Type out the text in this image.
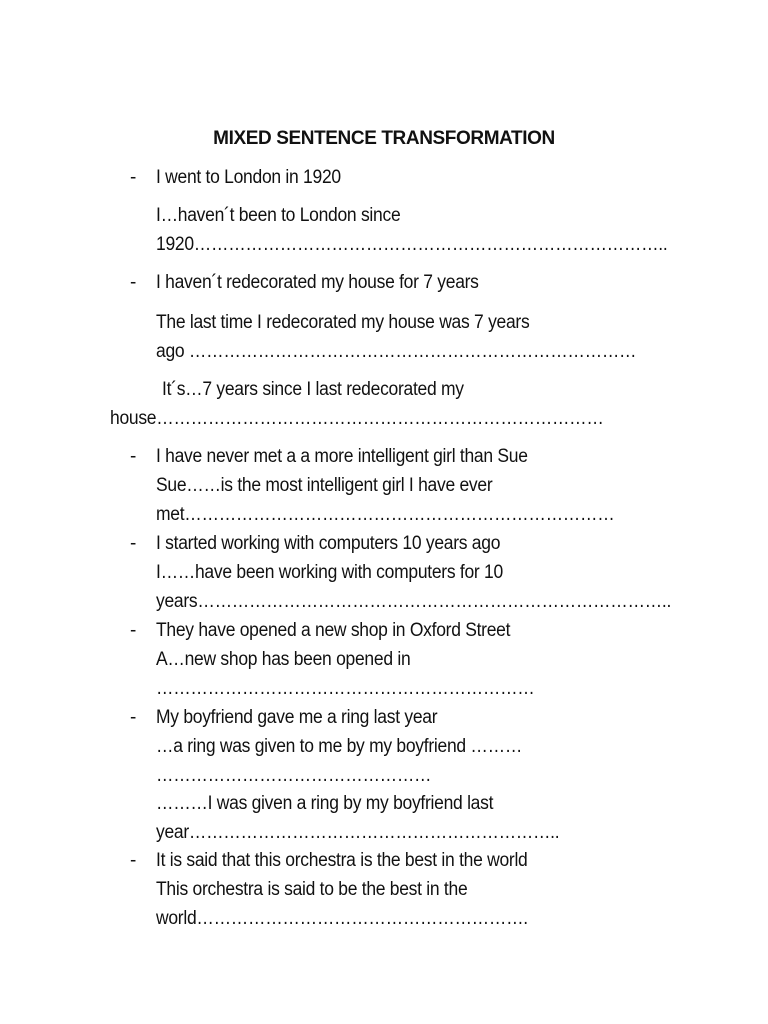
MIXED SENTENCE TRANSFORMATION
-
-
-
-
-
-
-
I went to London in 1920
I…haven´t been to London since
1920………………………………………………………………………..
I haven´t redecorated my house for 7 years
The last time I redecorated my house was 7 years
ago ……………………………………………………………………
It´s…7 years since I last redecorated my
house……………………………………………………………………
I have never met a a more intelligent girl than Sue
Sue……is the most intelligent girl I have ever
met…………………………………………………………………
I started working with computers 10 years ago
I……have been working with computers for 10
years………………………………………………………………………..
They have opened a new shop in Oxford Street
A…new shop has been opened in
…………………………………………………………
My boyfriend gave me a ring last year
…a ring was given to me by my boyfriend ………
…………………………………………
………I was given a ring by my boyfriend last
year………………………………………………………..
It is said that this orchestra is the best in the world
This orchestra is said to be the best in the
world………………………………………………….
